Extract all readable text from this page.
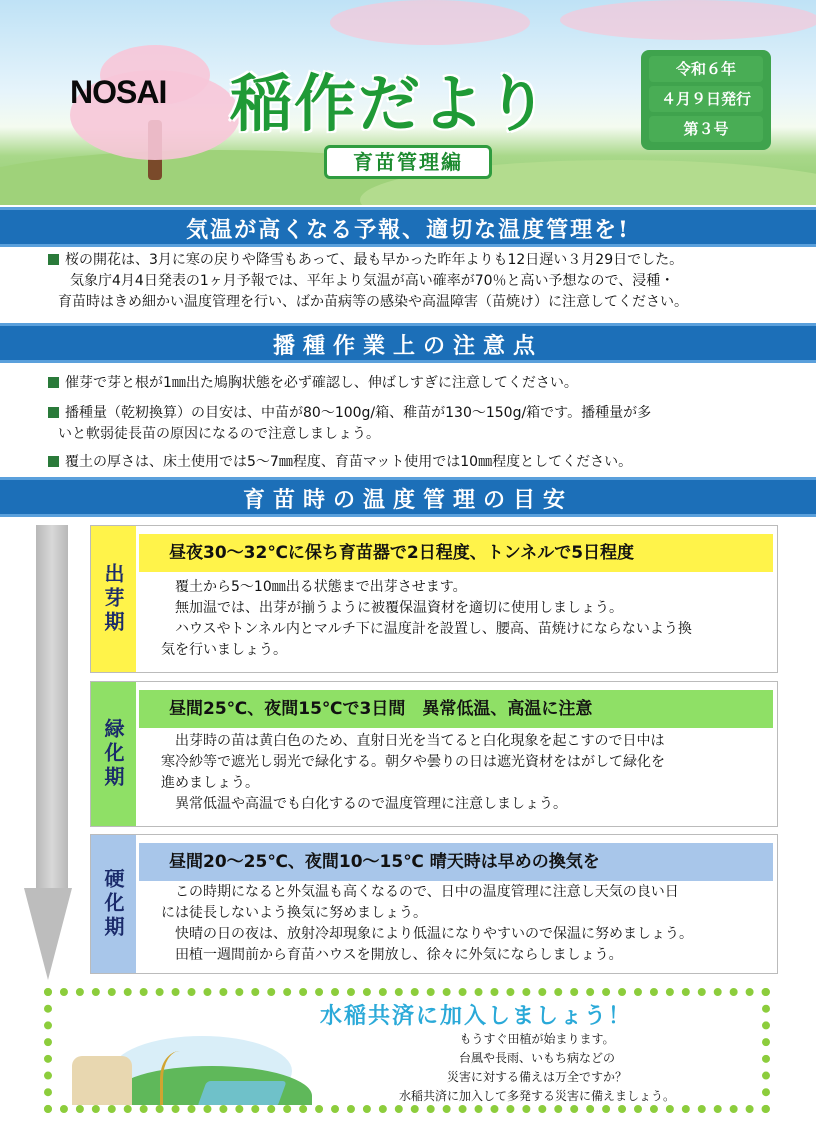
NOSAI 稲作だより	令和６年
４月９日発行
第３号
育苗管理編
気温が高くなる予報、適切な温度管理を!
桜の開花は、3月に寒の戻りや降雪もあって、最も早かった昨年よりも12日遅い３月29日でした。
気象庁4月4日発表の1ヶ月予報では、平年より気温が高い確率が70％と高い予想なので、浸種・
育苗時はきめ細かい温度管理を行い、ばか苗病等の感染や高温障害（苗焼け）に注意してください。
播種作業上の注意点
催芽で芽と根が1㎜出た鳩胸状態を必ず確認し、伸ばしすぎに注意してください。
播種量（乾籾換算）の目安は、中苗が80～100g/箱、稚苗が130～150g/箱です。播種量が多
いと軟弱徒長苗の原因になるので注意しましょう。
覆土の厚さは、床土使用では5～7㎜程度、育苗マット使用では10㎜程度としてください。
育苗時の温度管理の目安
出芽期
昼夜30～32℃に保ち育苗器で2日程度、トンネルで5日程度

覆土から5～10㎜出る状態まで出芽させます。

無加温では、出芽が揃うように被覆保温資材を適切に使用しましょう。

ハウスやトンネル内とマルチ下に温度計を設置し、腰高、苗焼けにならないよう換

気を行いましょう。

緑化期
昼間25℃、夜間15℃で3日間　異常低温、高温に注意

出芽時の苗は黄白色のため、直射日光を当てると白化現象を起こすので日中は

寒冷紗等で遮光し弱光で緑化する。朝夕や曇りの日は遮光資材をはがして緑化を

進めましょう。

異常低温や高温でも白化するので温度管理に注意しましょう。

硬化期
昼間20～25℃、夜間10～15℃ 晴天時は早めの換気を

この時期になると外気温も高くなるので、日中の温度管理に注意し天気の良い日

には徒長しないよう換気に努めましょう。

快晴の日の夜は、放射冷却現象により低温になりやすいので保温に努めましょう。

田植一週間前から育苗ハウスを開放し、徐々に外気にならしましょう。

水稲共済に加入しましょう！
もうすぐ田植が始まります。
台風や長雨、いもち病などの
災害に対する備えは万全ですか？
水稲共済に加入して多発する災害に備えましょう。
